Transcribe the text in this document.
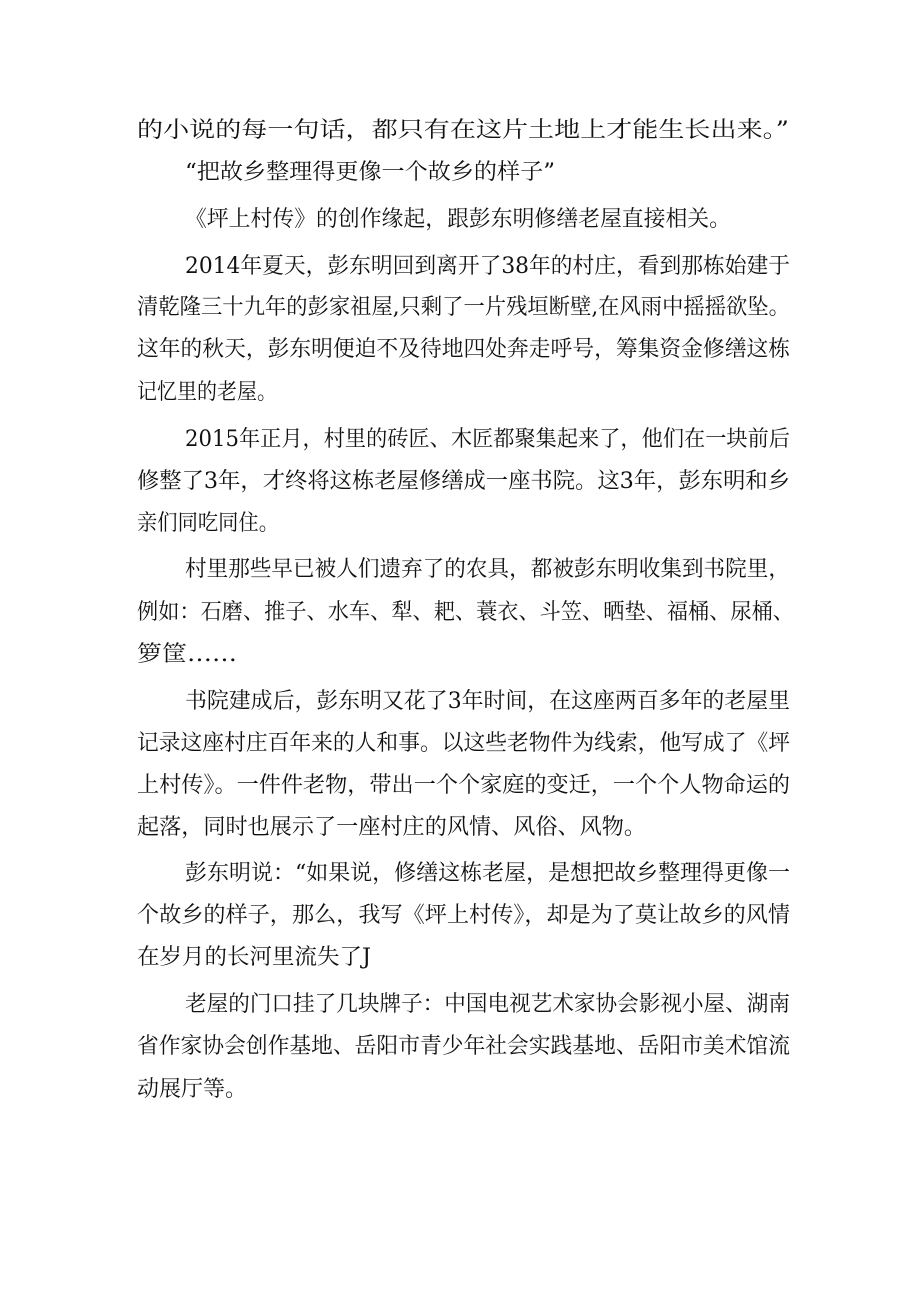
的小说的每一句话，都只有在这片土地上才能生长出来。”
“把故乡整理得更像一个故乡的样子”
《坪上村传》的创作缘起，跟彭东明修缮老屋直接相关。
2014年夏天，彭东明回到离开了38年的村庄，看到那栋始建于
清乾隆三十九年的彭家祖屋,只剩了一片残垣断壁,在风雨中摇摇欲坠。
这年的秋天，彭东明便迫不及待地四处奔走呼号，筹集资金修缮这栋
记忆里的老屋。
2015年正月，村里的砖匠、木匠都聚集起来了，他们在一块前后
修整了3年，才终将这栋老屋修缮成一座书院。这3年，彭东明和乡
亲们同吃同住。
村里那些早已被人们遗弃了的农具，都被彭东明收集到书院里，
例如：石磨、推子、水车、犁、耙、蓑衣、斗笠、晒垫、福桶、尿桶、
箩筐……
书院建成后，彭东明又花了3年时间，在这座两百多年的老屋里
记录这座村庄百年来的人和事。以这些老物件为线索，他写成了《坪
上村传》。一件件老物，带出一个个家庭的变迁，一个个人物命运的
起落，同时也展示了一座村庄的风情、风俗、风物。
彭东明说：“如果说，修缮这栋老屋，是想把故乡整理得更像一
个故乡的样子，那么，我写《坪上村传》，却是为了莫让故乡的风情
在岁月的长河里流失了J
老屋的门口挂了几块牌子：中国电视艺术家协会影视小屋、湖南
省作家协会创作基地、岳阳市青少年社会实践基地、岳阳市美术馆流
动展厅等。
